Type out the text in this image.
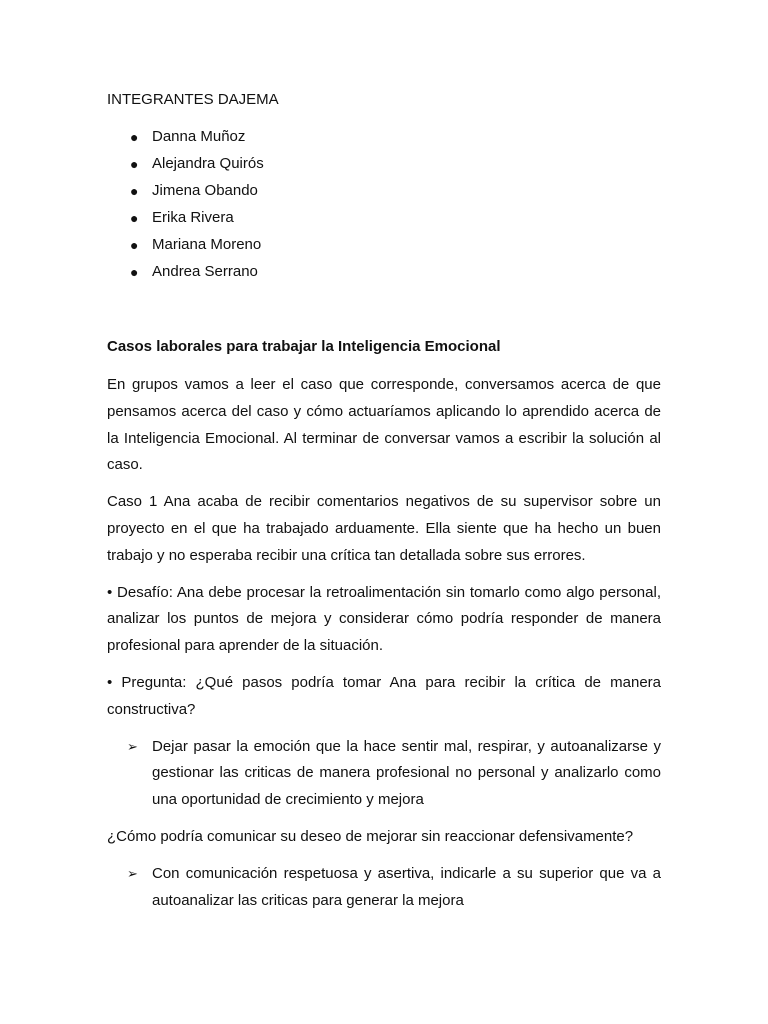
INTEGRANTES DAJEMA
● Danna Muñoz
● Alejandra Quirós
● Jimena Obando
● Erika Rivera
● Mariana Moreno
● Andrea Serrano
Casos laborales para trabajar la Inteligencia Emocional

En grupos vamos a leer el caso que corresponde, conversamos acerca de que pensamos acerca del caso y cómo actuaríamos aplicando lo aprendido acerca de la Inteligencia Emocional. Al terminar de conversar vamos a escribir la solución al caso.

Caso 1 Ana acaba de recibir comentarios negativos de su supervisor sobre un proyecto en el que ha trabajado arduamente. Ella siente que ha hecho un buen trabajo y no esperaba recibir una crítica tan detallada sobre sus errores.

• Desafío: Ana debe procesar la retroalimentación sin tomarlo como algo personal, analizar los puntos de mejora y considerar cómo podría responder de manera profesional para aprender de la situación.

• Pregunta: ¿Qué pasos podría tomar Ana para recibir la crítica de manera constructiva?

➢ Dejar pasar la emoción que la hace sentir mal, respirar, y autoanalizarse y gestionar las criticas de manera profesional no personal y analizarlo como una oportunidad de crecimiento y mejora

¿Cómo podría comunicar su deseo de mejorar sin reaccionar defensivamente?

➢ Con comunicación respetuosa y asertiva, indicarle a su superior que va a autoanalizar las criticas para generar la mejora
